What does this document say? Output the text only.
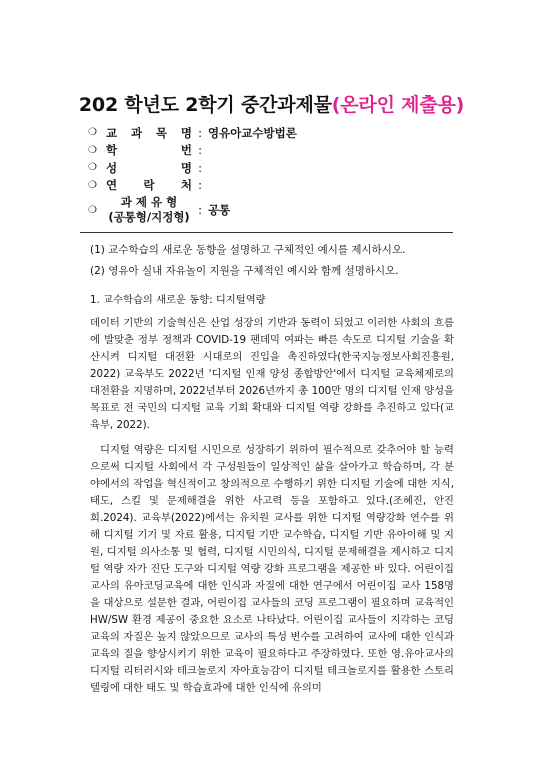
202 학년도 2학기 중간과제물(온라인 제출용)
❍ 교 과 목 명 : 영유아교수방법론
❍ 학	번 :
❍ 성	명 :
❍ 연 락 처 :
❍
과 제 유 형
(공통형/지정형) : 공통
(1) 교수학습의 새로운 동향을 설명하고 구체적인 예시를 제시하시오.
(2) 영유아 실내 자유놀이 지원을 구체적인 예시와 함께 설명하시오.
1. 교수학습의 새로운 동향: 디지털역량

데이터 기반의 기술혁신은 산업 성장의 기반과 동력이 되었고 이러한 사회의 흐름에 발맞춘 정부 정책과 COVID-19 팬데믹 여파는 빠른 속도로 디지털 기술을 확산시켜 디지털 대전환 시대로의 진입을 촉진하였다(한국지능정보사회진흥원, 2022) 교육부도 2022년 '디지털 인재 양성 종합방안'에서 디지털 교육체제로의 대전환을 지명하며, 2022년부터 2026년까지 총 100만 명의 디지털 인재 양성을 목표로 전 국민의 디지털 교육 기회 확대와 디지털 역량 강화를 추진하고 있다(교육부, 2022).

디지털 역량은 디지털 시민으로 성장하기 위하여 필수적으로 갖추어야 할 능력으로써 디지털 사회에서 각 구성원들이 일상적인 삶을 살아가고 학습하며, 각 분야에서의 작업을 혁신적이고 창의적으로 수행하기 위한 디지털 기술에 대한 지식, 태도, 스킬 및 문제해결을 위한 사고력 등을 포함하고 있다.(조혜진, 안진희.2024). 교육부(2022)에서는 유치원 교사를 위한 디지털 역량강화 연수를 위해 디지털 기기 및 자료 활용, 디지털 기반 교수학습, 디지털 기반 유아이해 및 지원, 디지털 의사소통 및 협력, 디지털 시민의식, 디지털 문제해결을 제시하고 디지털 역량 자가 진단 도구와 디지털 역량 강화 프로그램을 제공한 바 있다. 어린이집 교사의 유아코딩교육에 대한 인식과 자질에 대한 연구에서 어린이집 교사 158명을 대상으로 설문한 결과, 어린이집 교사들의 코딩 프로그램이 필요하며 교육적인 HW/SW 환경 제공이 중요한 요소로 나타났다. 어린이집 교사들이 지각하는 코딩 교육의 자질은 높지 않았으므로 교사의 특성 변수를 고려하여 교사에 대한 인식과 교육의 질을 향상시키기 위한 교육이 필요하다고 주장하였다. 또한 영.유아교사의 디지털 리터러시와 테크놀로지 자아효능감이 디지털 테크놀로지를 활용한 스토리텔링에 대한 태도 및 학습효과에 대한 인식에 유의미
